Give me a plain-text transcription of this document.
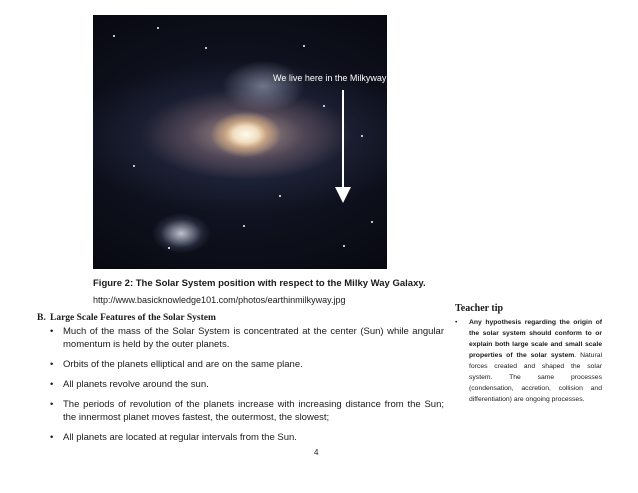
We live here in the Milkyway
Figure 2: The Solar System position with respect to the Milky Way Galaxy.
http://www.basicknowledge101.com/photos/earthinmilkyway.jpg
B. Large Scale Features of the Solar System
• Much of the mass of the Solar System is concentrated at the center (Sun) while angular momentum is held by the outer planets.
• Orbits of the planets elliptical and are on the same plane.
• All planets revolve around the sun.
• The periods of revolution of the planets increase with increasing distance from the Sun; the innermost planet moves fastest, the outermost, the slowest;
• All planets are located at regular intervals from the Sun.
Teacher tip
• Any hypothesis regarding the origin of the solar system should conform to or explain both large scale and small scale properties of the solar system. Natural forces created and shaped the solar system. The same processes (condensation, accretion, collision and differentiation) are ongoing processes.
4
